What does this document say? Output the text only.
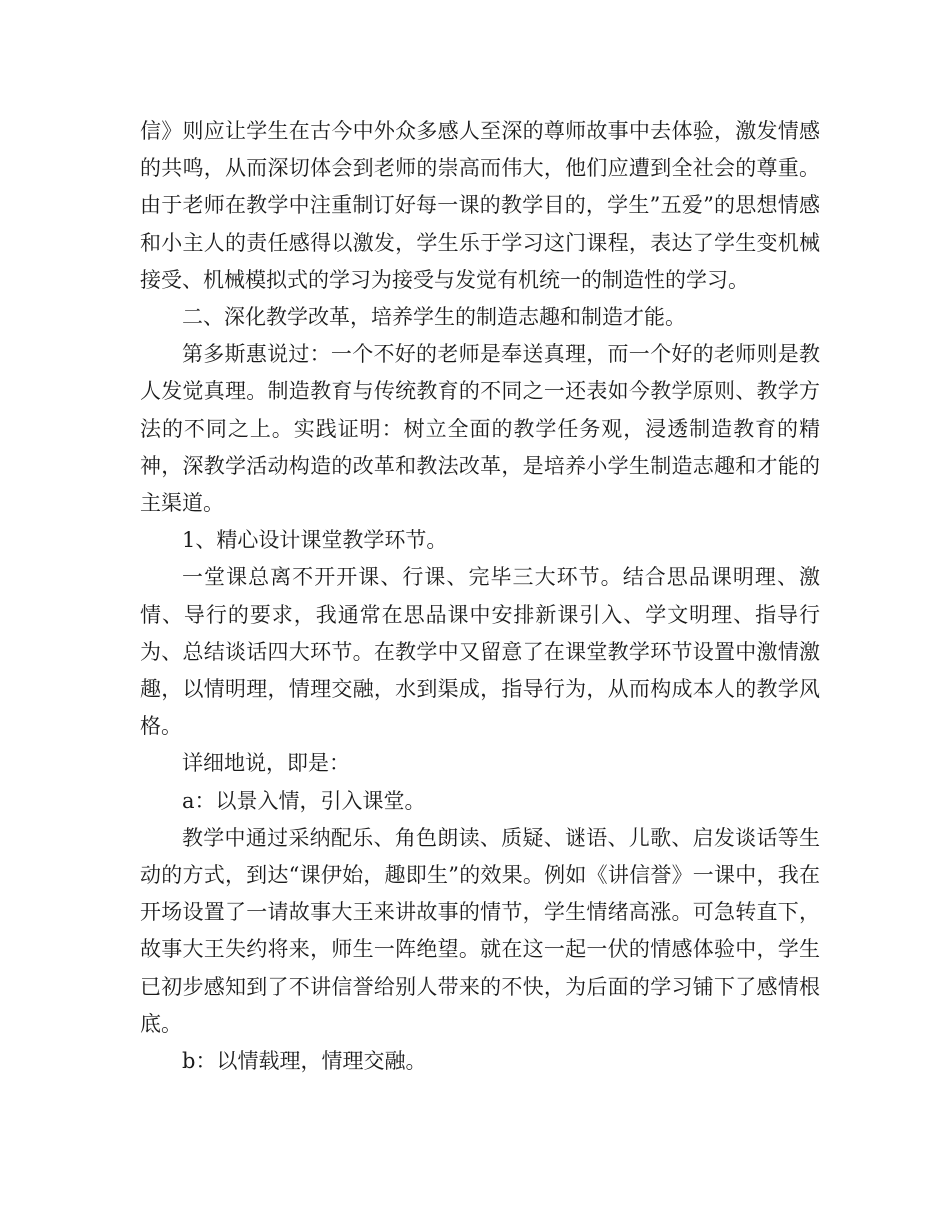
信》则应让学生在古今中外众多感人至深的尊师故事中去体验，激发情感的共鸣，从而深切体会到老师的崇高而伟大，他们应遭到全社会的尊重。由于老师在教学中注重制订好每一课的教学目的，学生”五爱”的思想情感和小主人的责任感得以激发，学生乐于学习这门课程，表达了学生变机械接受、机械模拟式的学习为接受与发觉有机统一的制造性的学习。

二、深化教学改革，培养学生的制造志趣和制造才能。

第多斯惠说过：一个不好的老师是奉送真理，而一个好的老师则是教人发觉真理。制造教育与传统教育的不同之一还表如今教学原则、教学方法的不同之上。实践证明：树立全面的教学任务观，浸透制造教育的精神，深教学活动构造的改革和教法改革，是培养小学生制造志趣和才能的主渠道。

1、精心设计课堂教学环节。

一堂课总离不开开课、行课、完毕三大环节。结合思品课明理、激情、导行的要求，我通常在思品课中安排新课引入、学文明理、指导行为、总结谈话四大环节。在教学中又留意了在课堂教学环节设置中激情激趣，以情明理，情理交融，水到渠成，指导行为，从而构成本人的教学风格。

详细地说，即是：

a：以景入情，引入课堂。

教学中通过采纳配乐、角色朗读、质疑、谜语、儿歌、启发谈话等生动的方式，到达“课伊始，趣即生”的效果。例如《讲信誉》一课中，我在开场设置了一请故事大王来讲故事的情节，学生情绪高涨。可急转直下，故事大王失约将来，师生一阵绝望。就在这一起一伏的情感体验中，学生已初步感知到了不讲信誉给别人带来的不快，为后面的学习铺下了感情根底。

b：以情载理，情理交融。
